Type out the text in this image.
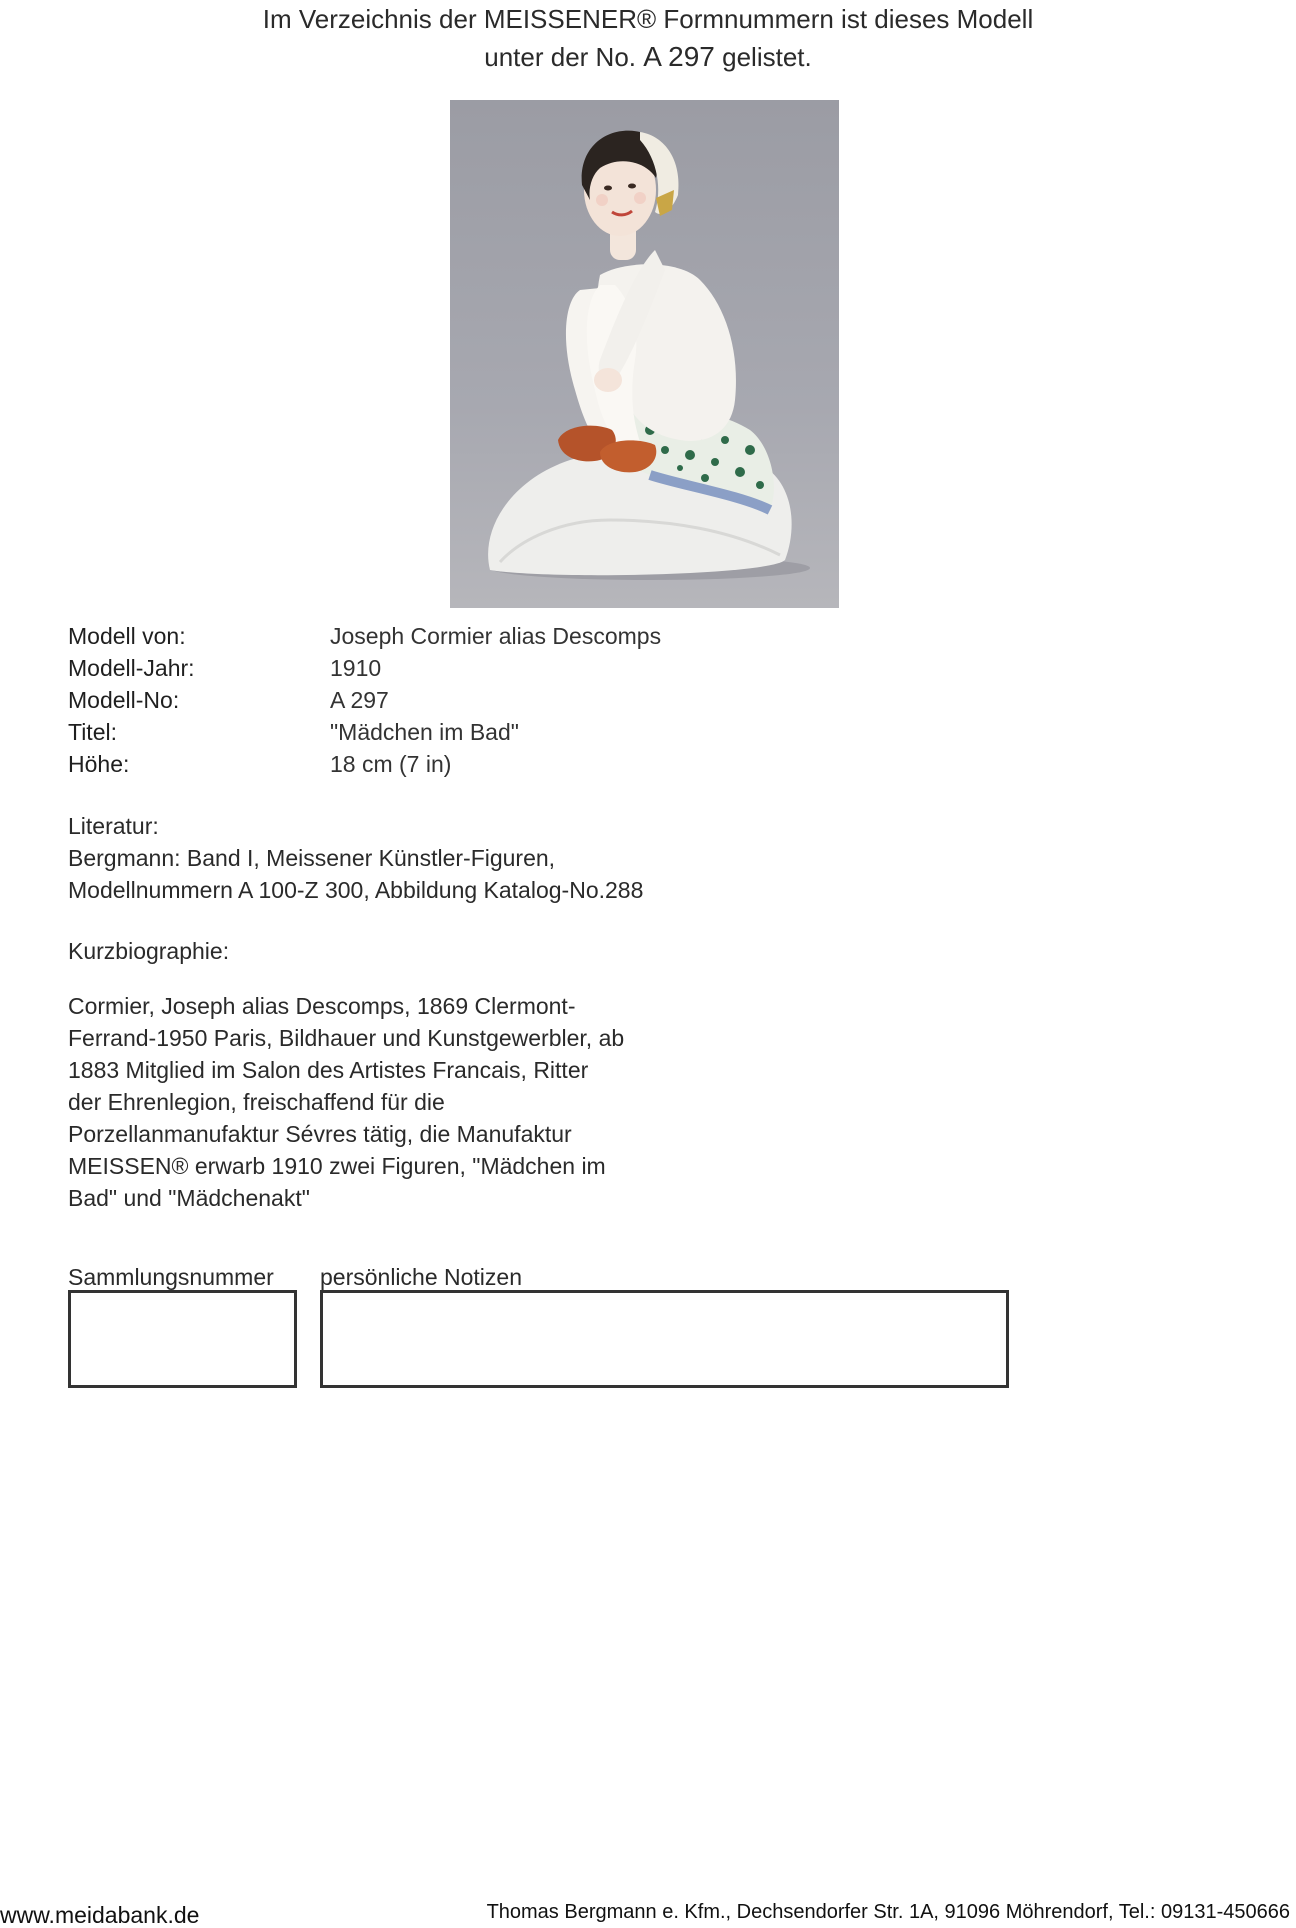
Im Verzeichnis der MEISSENER® Formnummern ist dieses Modell
unter der No. A 297 gelistet.
Modell von:	Joseph Cormier alias Descomps
Modell-Jahr:	1910
Modell-No:	A 297
Titel:	"Mädchen im Bad"
Höhe:	18 cm (7 in)
Literatur:
Bergmann: Band I, Meissener Künstler-Figuren,
Modellnummern A 100-Z 300, Abbildung Katalog-No.288
Kurzbiographie:

Cormier, Joseph alias Descomps, 1869 Clermont-

Ferrand-1950 Paris, Bildhauer und Kunstgewerbler, ab

1883 Mitglied im Salon des Artistes Francais, Ritter

der Ehrenlegion, freischaffend für die

Porzellanmanufaktur Sévres tätig, die Manufaktur

MEISSEN® erwarb 1910 zwei Figuren, "Mädchen im

Bad" und "Mädchenakt"

Sammlungsnummer persönliche Notizen
www.meidabank.de	Thomas Bergmann e. Kfm., Dechsendorfer Str. 1A, 91096 Möhrendorf, Tel.: 09131-450666
